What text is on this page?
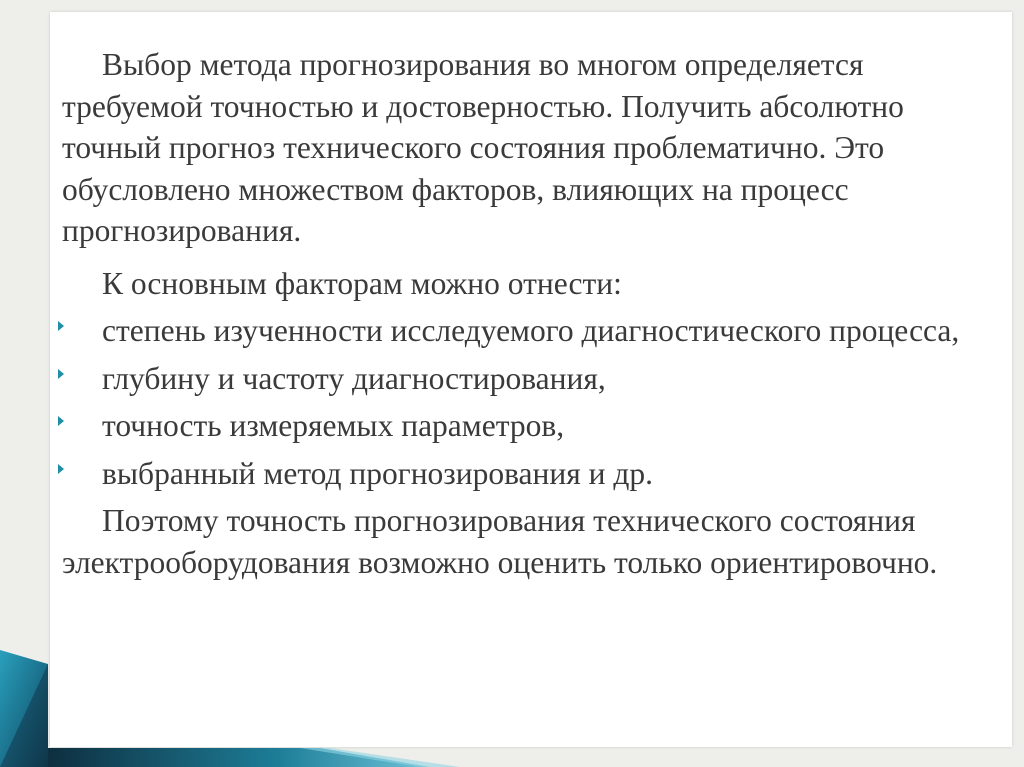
Выбор метода прогнозирования во многом определяется требуемой точностью и достоверностью. Получить абсолютно точный прогноз технического состояния проблематично. Это обусловлено множеством факторов, влияющих на процесс прогнозирования.

К основным факторам можно отнести:

степень изученности исследуемого диагностического процесса,
глубину и частоту диагностирования,
точность измеряемых параметров,
выбранный метод прогнозирования и др.

Поэтому точность прогнозирования технического состояния электрооборудования возможно оценить только ориентировочно.
